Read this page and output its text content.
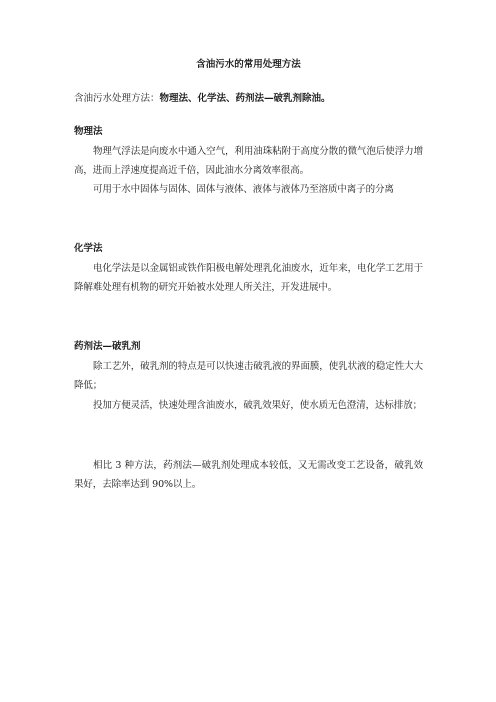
含油污水的常用处理方法
含油污水处理方法：物理法、化学法、药剂法—破乳剂除油。
物理法
物理气浮法是向废水中通入空气，利用油珠粘附于高度分散的微气泡后使浮力增高，进而上浮速度提高近千倍，因此油水分离效率很高。
可用于水中固体与固体、固体与液体、液体与液体乃至溶质中离子的分离
化学法
电化学法是以金属铝或铁作阳极电解处理乳化油废水，近年来，电化学工艺用于降解难处理有机物的研究开始被水处理人所关注，开发进展中。
药剂法—破乳剂
除工艺外，破乳剂的特点是可以快速击破乳液的界面膜，使乳状液的稳定性大大降低；
投加方便灵活，快速处理含油废水，破乳效果好，使水质无色澄清，达标排放；
相比 3 种方法，药剂法—破乳剂处理成本较低，又无需改变工艺设备，破乳效果好，去除率达到 90%以上。
